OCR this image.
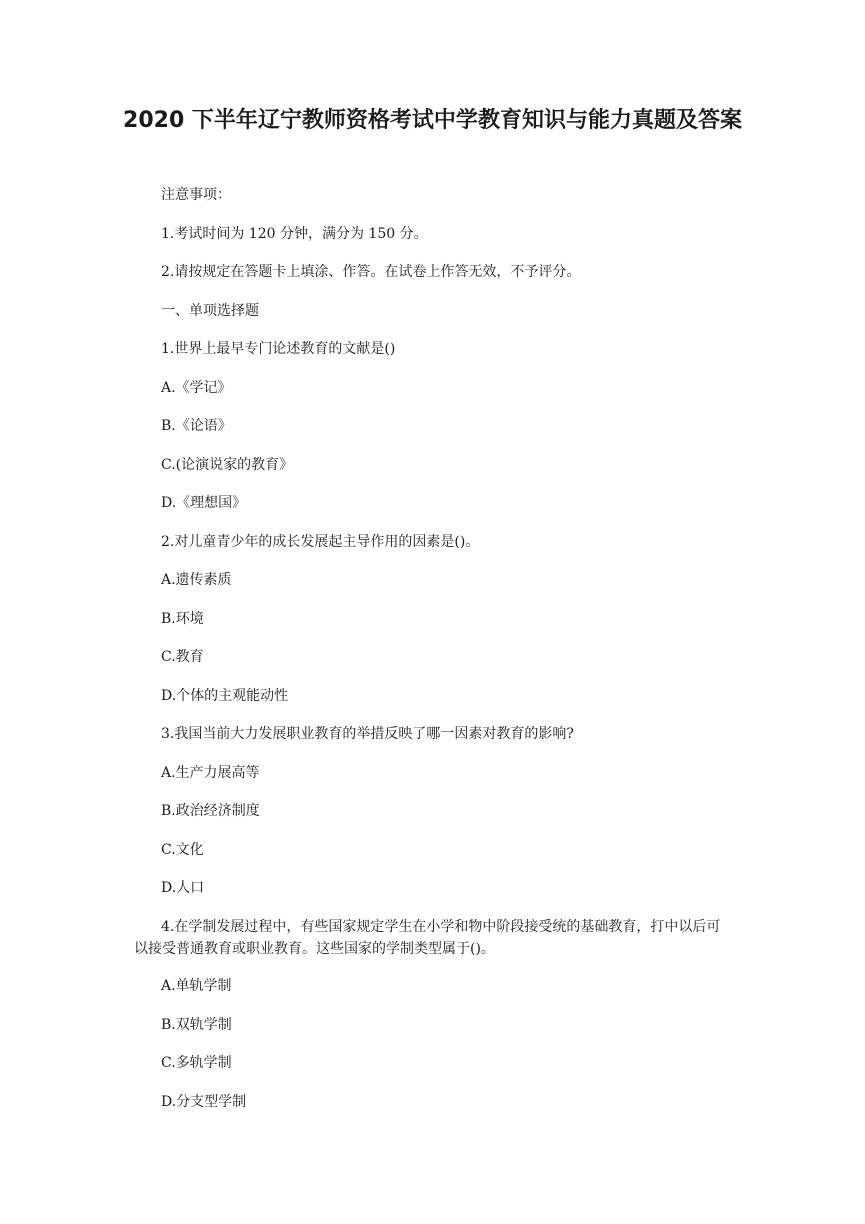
2020 下半年辽宁教师资格考试中学教育知识与能力真题及答案
注意事项：
1.考试时间为 120 分钟，满分为 150 分。
2.请按规定在答题卡上填涂、作答。在试卷上作答无效，不予评分。
一、单项选择题
1.世界上最早专门论述教育的文献是()
A.《学记》
B.《论语》
C.(论演说家的教育》
D.《理想国》
2.对儿童青少年的成长发展起主导作用的因素是()。
A.遗传素质
B.环境
C.教育
D.个体的主观能动性
3.我国当前大力发展职业教育的举措反映了哪一因素对教育的影响?
A.生产力展高等
B.政治经济制度
C.文化
D.人口
4.在学制发展过程中，有些国家规定学生在小学和物中阶段接受统的基础教育，打中以后可以接受普通教育或职业教育。这些国家的学制类型属于()。
A.单轨学制
B.双轨学制
C.多轨学制
D.分支型学制
